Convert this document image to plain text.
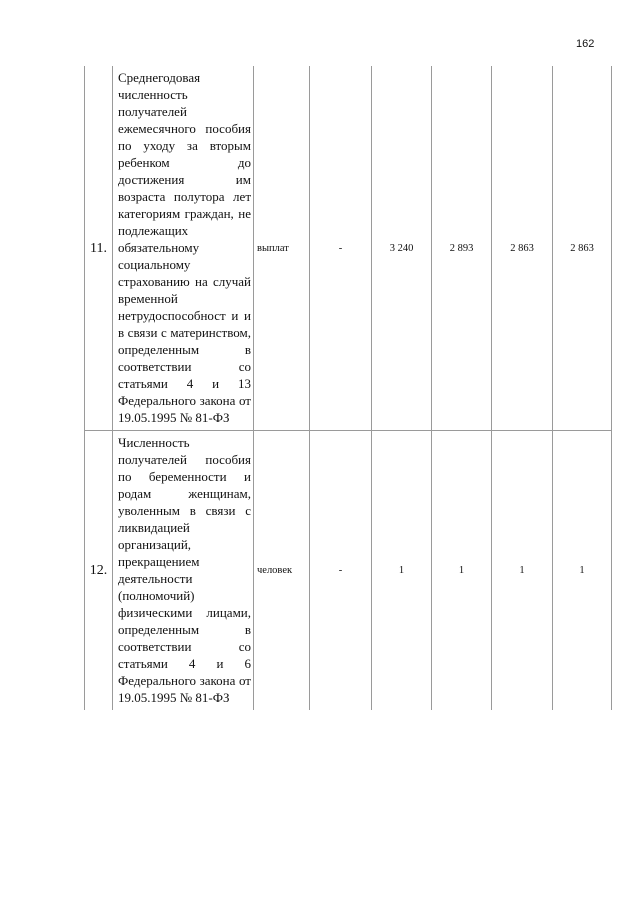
162
11.	Среднегодовая численность получателей ежемесячного пособия по уходу за вторым ребенком до достижения им возраста полутора лет категориям граждан, не подлежащих обязательному социальному страхованию на случай временной нетрудоспособност и и в связи с материнством, определенным в соответствии со статьями 4 и 13 Федерального закона от 19.05.1995 № 81-ФЗ	выплат	-	3 240	2 893	2 863	2 863
12.	Численность получателей пособия по беременности и родам женщинам, уволенным в связи с ликвидацией организаций, прекращением деятельности (полномочий) физическими лицами, определенным в соответствии со статьями 4 и 6 Федерального закона от 19.05.1995 № 81-ФЗ	человек	-	1	1	1	1
